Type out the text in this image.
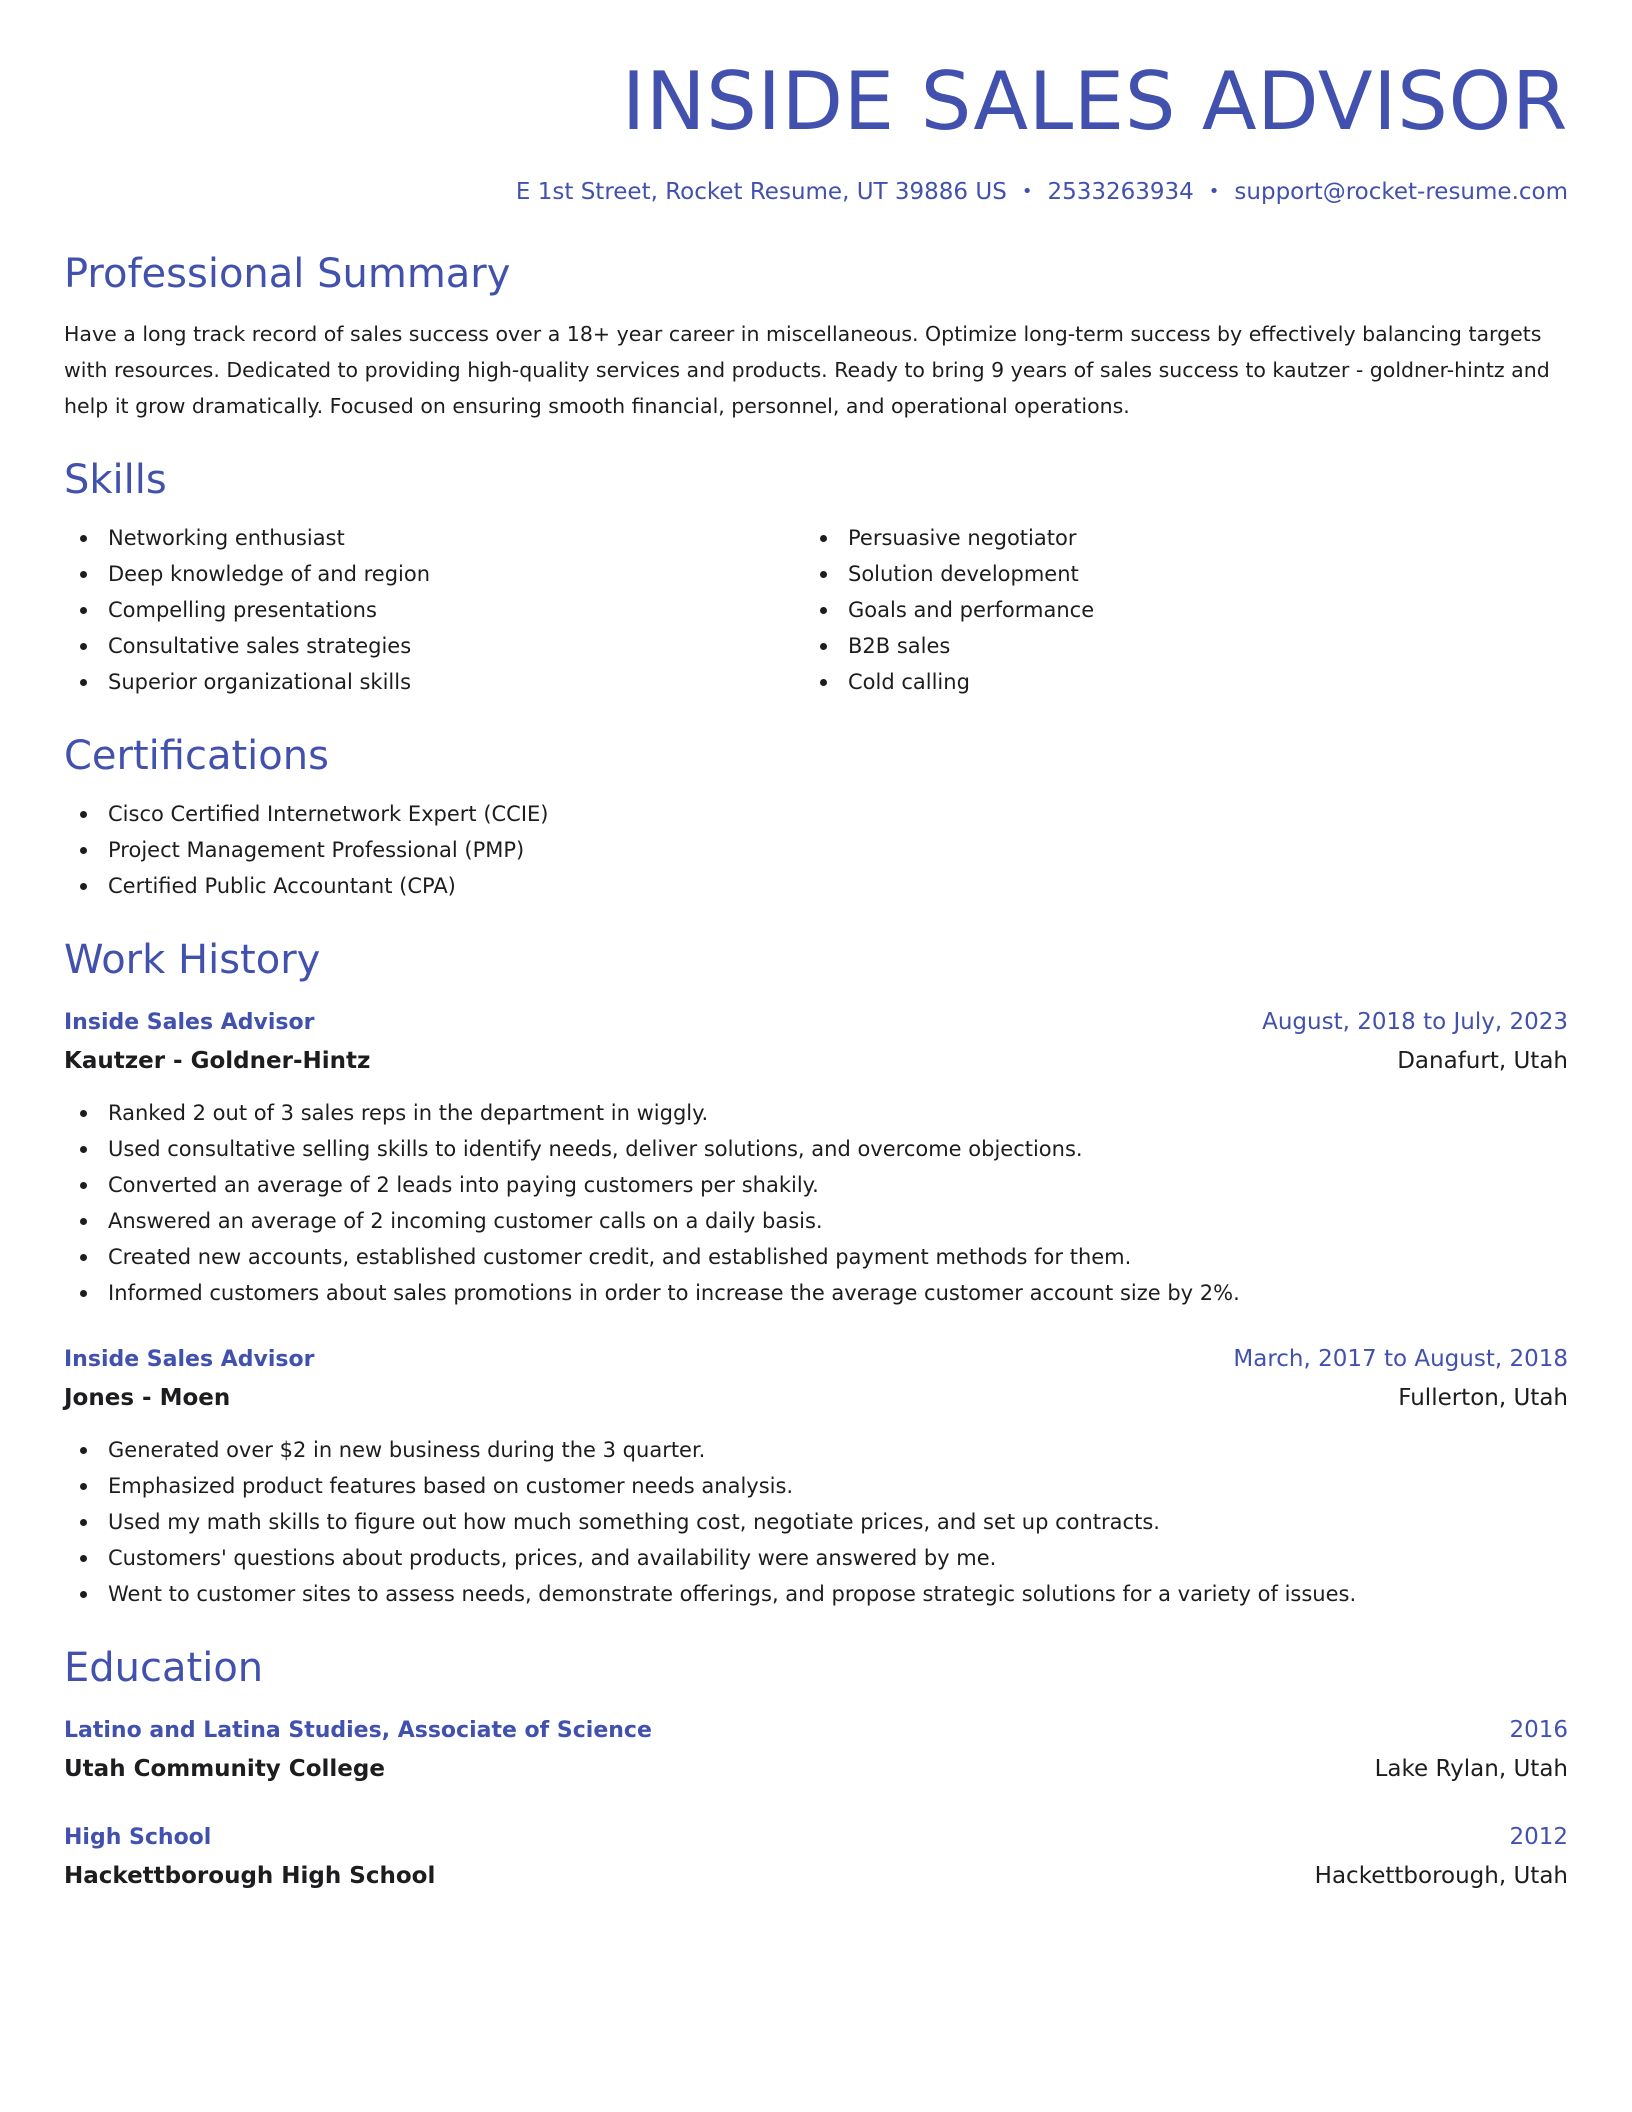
INSIDE SALES ADVISOR
E 1st Street, Rocket Resume, UT 39886 US • 2533263934 • support@rocket-resume.com
Professional Summary

Have a long track record of sales success over a 18+ year career in miscellaneous. Optimize long-term success by effectively balancing targets with resources. Dedicated to providing high-quality services and products. Ready to bring 9 years of sales success to kautzer - goldner-hintz and help it grow dramatically. Focused on ensuring smooth financial, personnel, and operational operations.

Skills
Networking enthusiast
Deep knowledge of and region
Compelling presentations
Consultative sales strategies
Superior organizational skills
Persuasive negotiator
Solution development
Goals and performance
B2B sales
Cold calling
Certifications
Cisco Certified Internetwork Expert (CCIE)
Project Management Professional (PMP)
Certified Public Accountant (CPA)
Work History
Inside Sales Advisor	August, 2018 to July, 2023
Kautzer - Goldner-Hintz	Danafurt, Utah
Ranked 2 out of 3 sales reps in the department in wiggly.
Used consultative selling skills to identify needs, deliver solutions, and overcome objections.
Converted an average of 2 leads into paying customers per shakily.
Answered an average of 2 incoming customer calls on a daily basis.
Created new accounts, established customer credit, and established payment methods for them.
Informed customers about sales promotions in order to increase the average customer account size by 2%.
Inside Sales Advisor	March, 2017 to August, 2018
Jones - Moen	Fullerton, Utah
Generated over $2 in new business during the 3 quarter.
Emphasized product features based on customer needs analysis.
Used my math skills to figure out how much something cost, negotiate prices, and set up contracts.
Customers' questions about products, prices, and availability were answered by me.
Went to customer sites to assess needs, demonstrate offerings, and propose strategic solutions for a variety of issues.
Education
Latino and Latina Studies, Associate of Science	2016
Utah Community College	Lake Rylan, Utah
High School	2012
Hackettborough High School	Hackettborough, Utah
